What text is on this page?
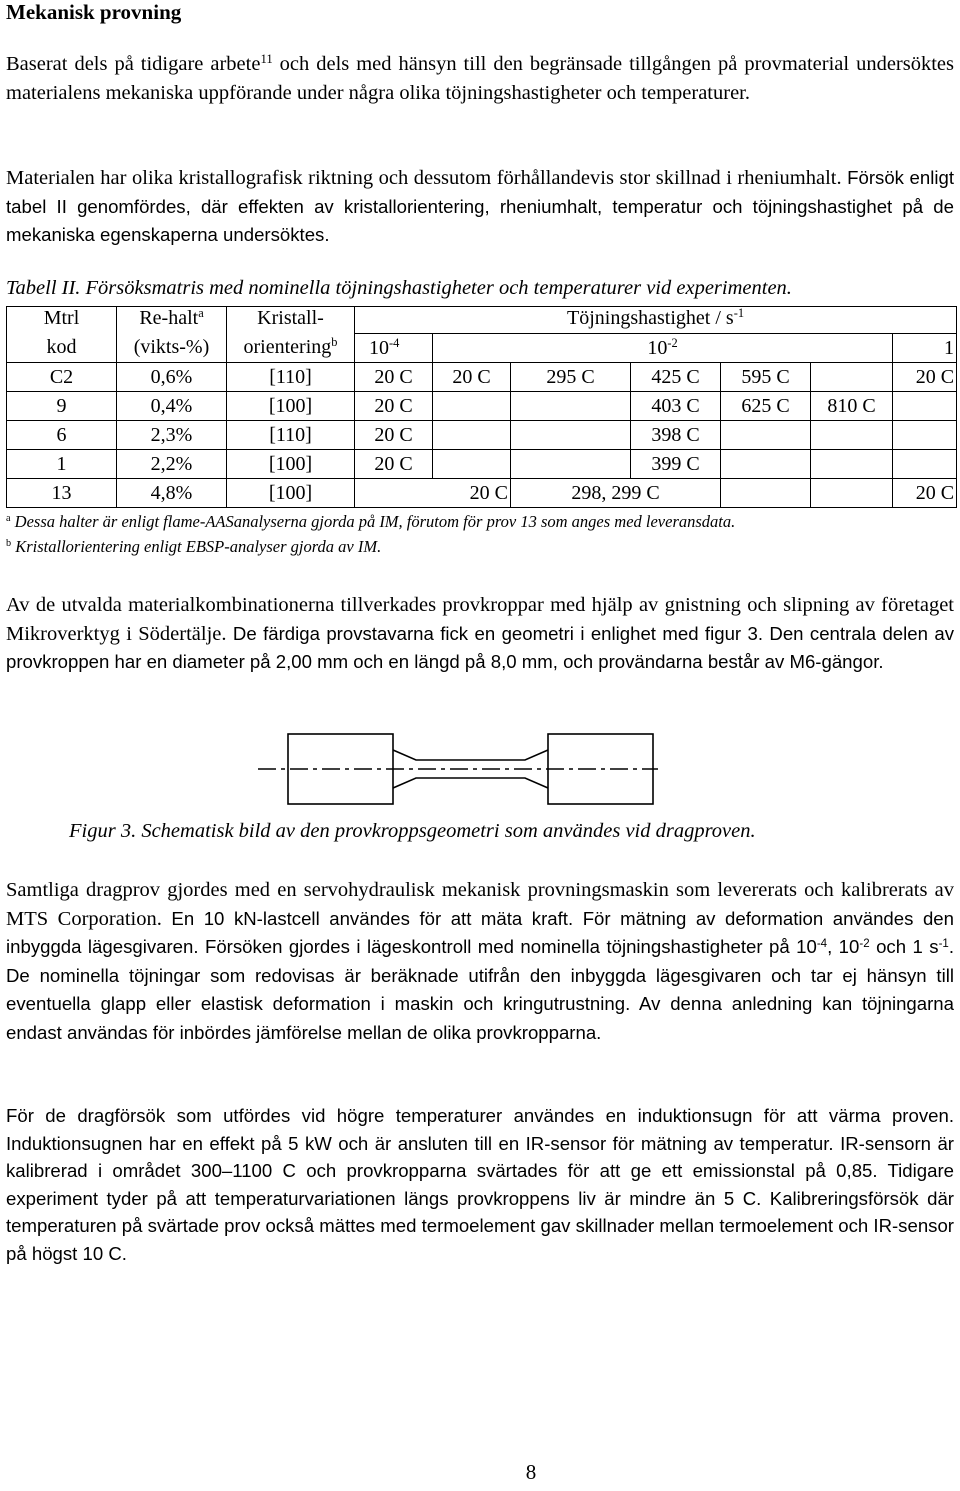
Mekanisk provning
Baserat dels på tidigare arbete$^{11}$ och dels med hänsyn till den begränsade tillgången på provmaterial undersöktes materialens mekaniska uppförande under några olika töjningshastigheter och temperaturer.
Materialen har olika kristallografisk riktning och dessutom förhållandevis stor skillnad i rheniumhalt. Försök enligt tabel II genomfördes, där effekten av kristallorientering, rheniumhalt, temperatur och töjningshastighet på de mekaniska egenskaperna undersöktes.
Tabell II. Försöksmatris med nominella töjningshastigheter och temperaturer vid experimenten.
Mtrl	Re-halt$^a$	Kristall-	Töjningshastighet / $s^{-1}$
kod	(vikts-%)	orientering$^b$	$10^{-4}$	$10^{-2}$					1
C2	0,6%	[110]	20 C	20 C	295 C	425 C	595 C		20 C
9	0,4%	[100]	20 C			403 C	625 C	810 C	
6	2,3%	[110]	20 C			398 C			
1	2,2%	[100]	20 C			399 C			
13	4,8%	[100]	20 C		298, 299 C				20 C
$^a$ Dessa halter är enligt flame-AASanalyserna gjorda på IM, förutom för prov 13 som anges med leveransdata.
$^b$ Kristallorientering enligt EBSP-analyser gjorda av IM.
Av de utvalda materialkombinationerna tillverkades provkroppar med hjälp av gnistning och slipning av företaget Mikroverktyg i Södertälje. De färdiga provstavarna fick en geometri i enlighet med figur 3. Den centrala delen av provkroppen har en diameter på 2,00 mm och en längd på 8,0 mm, och provändarna består av M6-gängor.
Figur 3. Schematisk bild av den provkroppsgeometri som användes vid dragproven.
Samtliga dragprov gjordes med en servohydraulisk mekanisk provningsmaskin som levererats och kalibrerats av MTS Corporation. En 10 kN-lastcell användes för att mäta kraft. För mätning av deformation användes den inbyggda lägesgivaren. Försöken gjordes i lägeskontroll med nominella töjningshastigheter på $10^{-4}$, $10^{-2}$ och 1 $s^{-1}$. De nominella töjningar som redovisas är beräknade utifrån den inbyggda lägesgivaren och tar ej hänsyn till eventuella glapp eller elastisk deformation i maskin och kringutrustning. Av denna anledning kan töjningarna endast användas för inbördes jämförelse mellan de olika provkropparna.
För de dragförsök som utfördes vid högre temperaturer användes en induktionsugn för att värma proven. Induktionsugnen har en effekt på 5 kW och är ansluten till en IR-sensor för mätning av temperatur. IR-sensorn är kalibrerad i området 300–1100 C och provkropparna svärtades för att ge ett emissionstal på 0,85. Tidigare experiment tyder på att temperaturvariationen längs provkroppens liv är mindre än 5 C. Kalibreringsförsök där temperaturen på svärtade prov också mättes med termoelement gav skillnader mellan termoelement och IR-sensor på högst 10 C.
8
